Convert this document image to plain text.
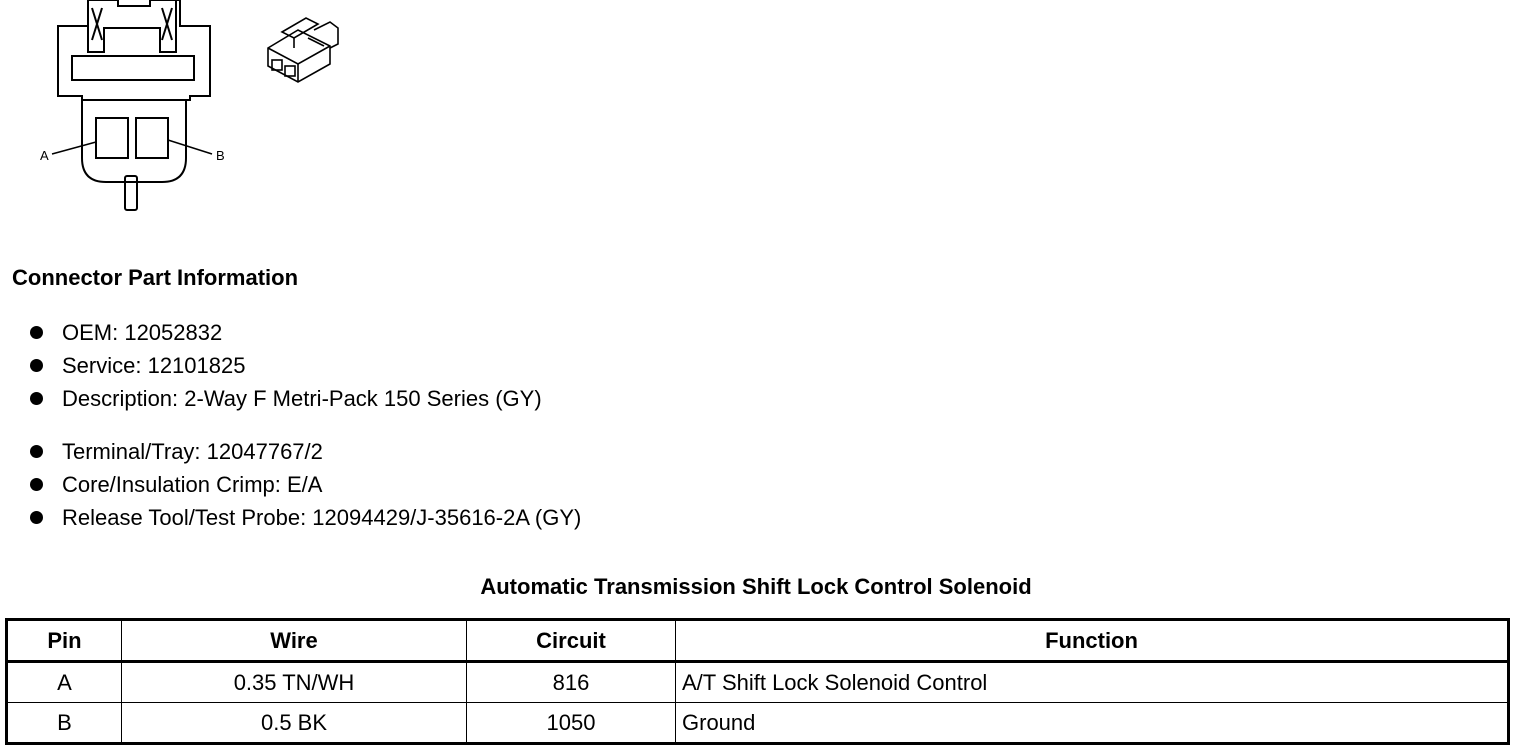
A	B
Connector Part Information
OEM: 12052832
Service: 12101825
Description: 2-Way F Metri-Pack 150 Series (GY)
Terminal/Tray: 12047767/2
Core/Insulation Crimp: E/A
Release Tool/Test Probe: 12094429/J-35616-2A (GY)
Automatic Transmission Shift Lock Control Solenoid
Pin	Wire	Circuit	Function
A	0.35 TN/WH	816	A/T Shift Lock Solenoid Control
B	0.5 BK	1050	Ground
